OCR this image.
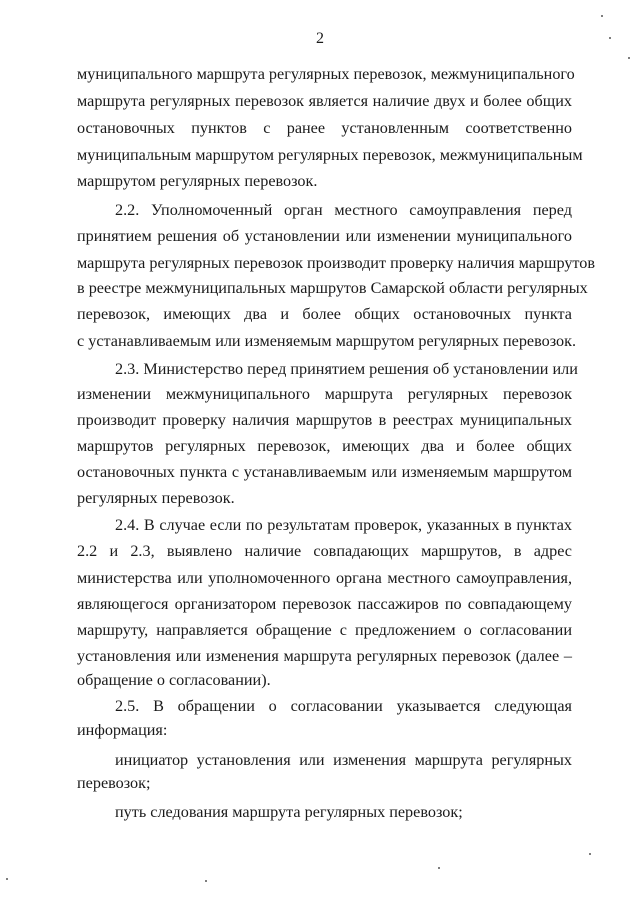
2
муниципального маршрута регулярных перевозок, межмуниципального
маршрута регулярных перевозок является наличие двух и более общих
остановочных пунктов с ранее установленным соответственно
муниципальным маршрутом регулярных перевозок, межмуниципальным
маршрутом регулярных перевозок.
2.2. Уполномоченный орган местного самоуправления перед
принятием решения об установлении или изменении муниципального
маршрута регулярных перевозок производит проверку наличия маршрутов
в реестре межмуниципальных маршрутов Самарской области регулярных
перевозок, имеющих два и более общих остановочных пункта
с устанавливаемым или изменяемым маршрутом регулярных перевозок.
2.3. Министерство перед принятием решения об установлении или
изменении межмуниципального маршрута регулярных перевозок
производит проверку наличия маршрутов в реестрах муниципальных
маршрутов регулярных перевозок, имеющих два и более общих
остановочных пункта с устанавливаемым или изменяемым маршрутом
регулярных перевозок.
2.4. В случае если по результатам проверок, указанных в пунктах
2.2 и 2.3, выявлено наличие совпадающих маршрутов, в адрес
министерства или уполномоченного органа местного самоуправления,
являющегося организатором перевозок пассажиров по совпадающему
маршруту, направляется обращение с предложением о согласовании
установления или изменения маршрута регулярных перевозок (далее –
обращение о согласовании).
2.5. В обращении о согласовании указывается следующая
информация:
инициатор установления или изменения маршрута регулярных
перевозок;
путь следования маршрута регулярных перевозок;
